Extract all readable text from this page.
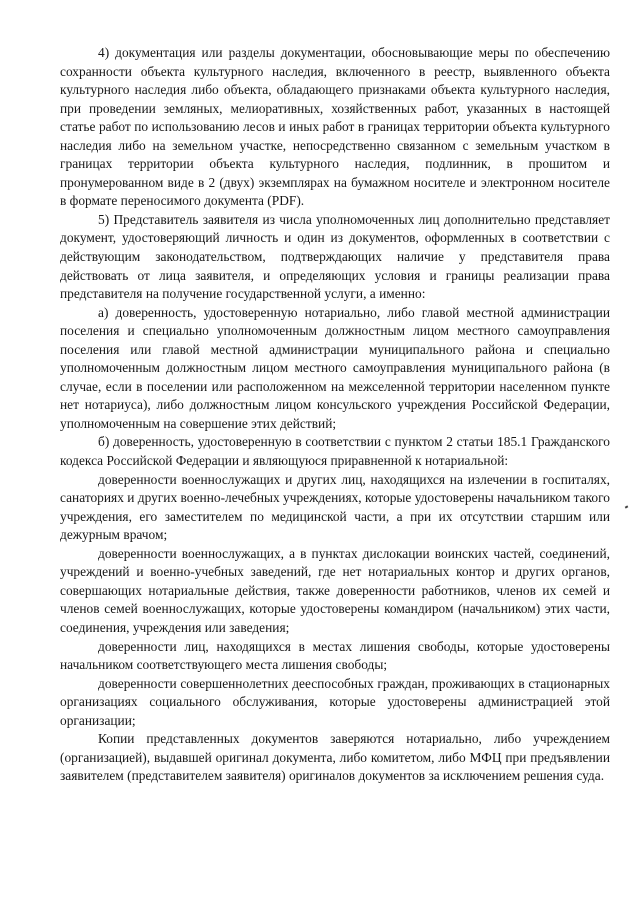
4) документация или разделы документации, обосновывающие меры по обеспечению сохранности объекта культурного наследия, включенного в реестр, выявленного объекта культурного наследия либо объекта, обладающего признаками объекта культурного наследия, при проведении земляных, мелиоративных, хозяйственных работ, указанных в настоящей статье работ по использованию лесов и иных работ в границах территории объекта культурного наследия либо на земельном участке, непосредственно связанном с земельным участком в границах территории объекта культурного наследия, подлинник, в прошитом и пронумерованном виде в 2 (двух) экземплярах на бумажном носителе и электронном носителе в формате переносимого документа (PDF).

5) Представитель заявителя из числа уполномоченных лиц дополнительно представляет документ, удостоверяющий личность и один из документов, оформленных в соответствии с действующим законодательством, подтверждающих наличие у представителя права действовать от лица заявителя, и определяющих условия и границы реализации права представителя на получение государственной услуги, а именно:

а) доверенность, удостоверенную нотариально, либо главой местной администрации поселения и специально уполномоченным должностным лицом местного самоуправления поселения или главой местной администрации муниципального района и специально уполномоченным должностным лицом местного самоуправления муниципального района (в случае, если в поселении или расположенном на межселенной территории населенном пункте нет нотариуса), либо должностным лицом консульского учреждения Российской Федерации, уполномоченным на совершение этих действий;

б) доверенность, удостоверенную в соответствии с пунктом 2 статьи 185.1 Гражданского кодекса Российской Федерации и являющуюся приравненной к нотариальной:

доверенности военнослужащих и других лиц, находящихся на излечении в госпиталях, санаториях и других военно-лечебных учреждениях, которые удостоверены начальником такого учреждения, его заместителем по медицинской части, а при их отсутствии старшим или дежурным врачом;

доверенности военнослужащих, а в пунктах дислокации воинских частей, соединений, учреждений и военно-учебных заведений, где нет нотариальных контор и других органов, совершающих нотариальные действия, также доверенности работников, членов их семей и членов семей военнослужащих, которые удостоверены командиром (начальником) этих части, соединения, учреждения или заведения;

доверенности лиц, находящихся в местах лишения свободы, которые удостоверены начальником соответствующего места лишения свободы;

доверенности совершеннолетних дееспособных граждан, проживающих в стационарных организациях социального обслуживания, которые удостоверены администрацией этой организации;

Копии представленных документов заверяются нотариально, либо учреждением (организацией), выдавшей оригинал документа, либо комитетом, либо МФЦ при предъявлении заявителем (представителем заявителя) оригиналов документов за исключением решения суда.
